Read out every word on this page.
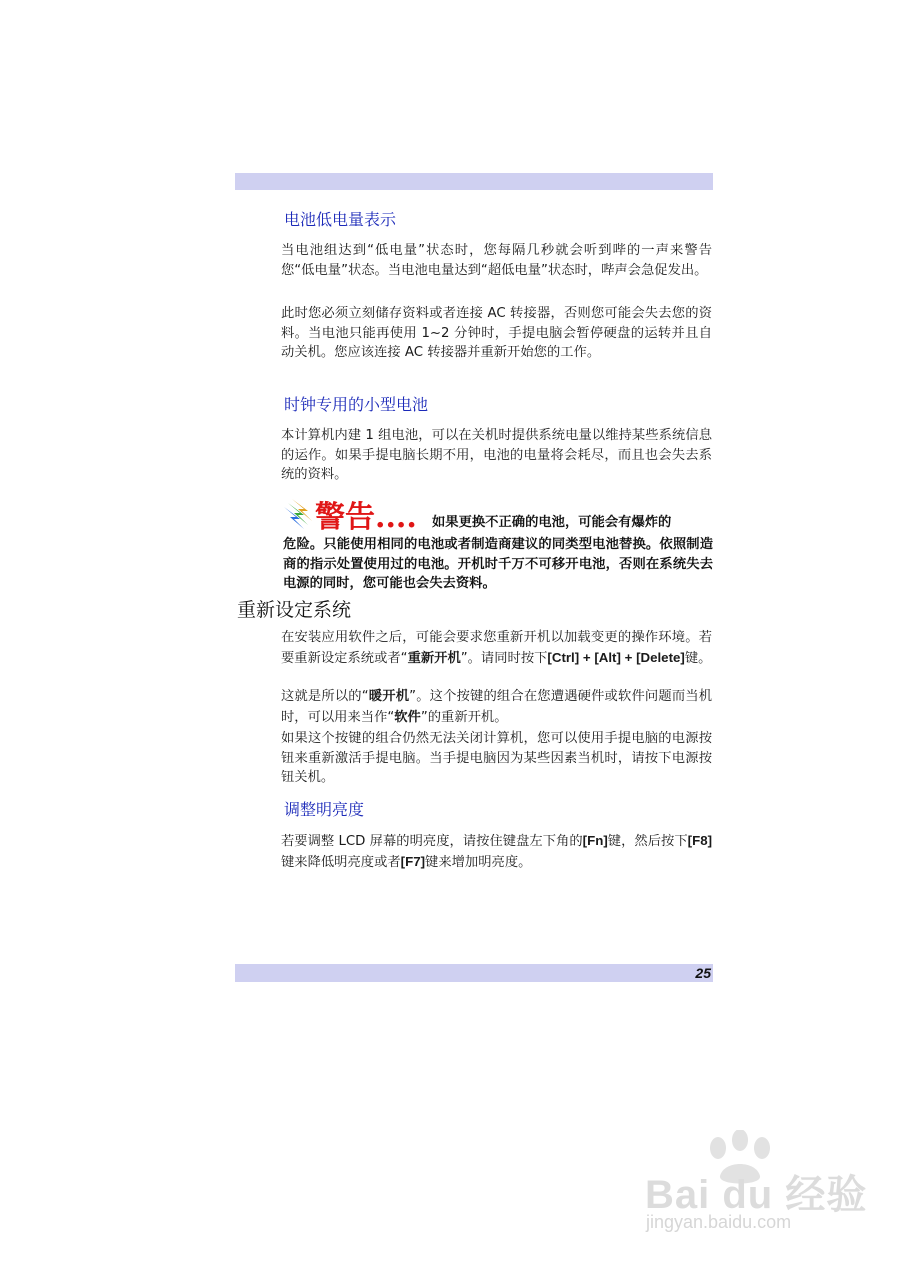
电池低电量表示

当电池组达到“低电量”状态时，您每隔几秒就会听到哔的一声来警告您“低电量”状态。当电池电量达到“超低电量”状态时，哔声会急促发出。

此时您必须立刻储存资料或者连接 AC 转接器，否则您可能会失去您的资料。当电池只能再使用 1~2 分钟时，手提电脑会暂停硬盘的运转并且自动关机。您应该连接 AC 转接器并重新开始您的工作。

时钟专用的小型电池

本计算机内建 1 组电池，可以在关机时提供系统电量以维持某些系统信息的运作。如果手提电脑长期不用，电池的电量将会耗尽，而且也会失去系统的资料。

警告.... 如果更换不正确的电池，可能会有爆炸的

危险。只能使用相同的电池或者制造商建议的同类型电池替换。依照制造商的指示处置使用过的电池。开机时千万不可移开电池，否则在系统失去电源的同时，您可能也会失去资料。

重新设定系统

在安装应用软件之后，可能会要求您重新开机以加载变更的操作环境。若要重新设定系统或者“重新开机”。请同时按下[Ctrl] + [Alt] + [Delete]键。

这就是所以的“暖开机”。这个按键的组合在您遭遇硬件或软件问题而当机时，可以用来当作“软件”的重新开机。

如果这个按键的组合仍然无法关闭计算机，您可以使用手提电脑的电源按钮来重新激活手提电脑。当手提电脑因为某些因素当机时，请按下电源按钮关机。

调整明亮度

若要调整 LCD 屏幕的明亮度，请按住键盘左下角的[Fn]键，然后按下[F8]键来降低明亮度或者[F7]键来增加明亮度。

25
Bai du 经验
jingyan.baidu.com
